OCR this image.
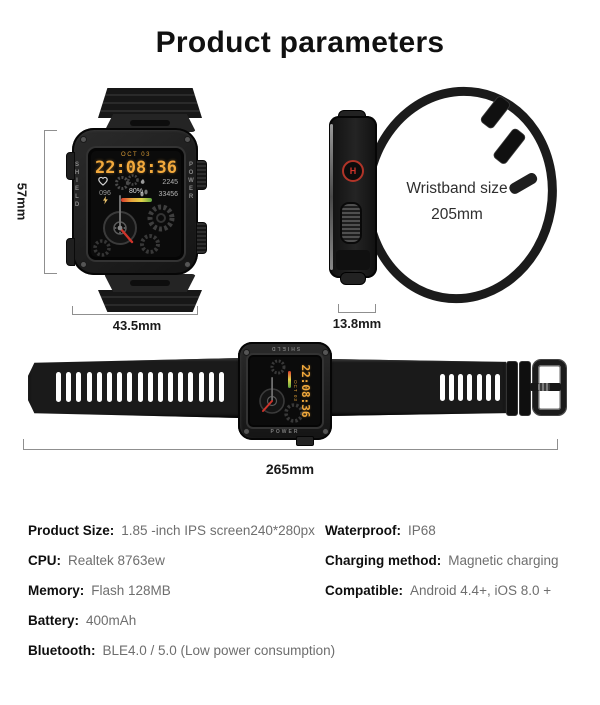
Product parameters
SHIELD	POWER
OCT 03
22:08:36
096	80%
2245
33456
57mm
43.5mm
H
Wristband size
205mm
13.8mm
SHIELD
POWER
22:08:36
OCT 03
265mm
Product Size: 1.85 -inch IPS screen240*280px
CPU: Realtek 8763ew
Memory: Flash 128MB
Battery: 400mAh
Bluetooth: BLE4.0 / 5.0 (Low power consumption)
Waterproof: IP68
Charging method: Magnetic charging
Compatible: Android 4.4+, iOS 8.0 +
